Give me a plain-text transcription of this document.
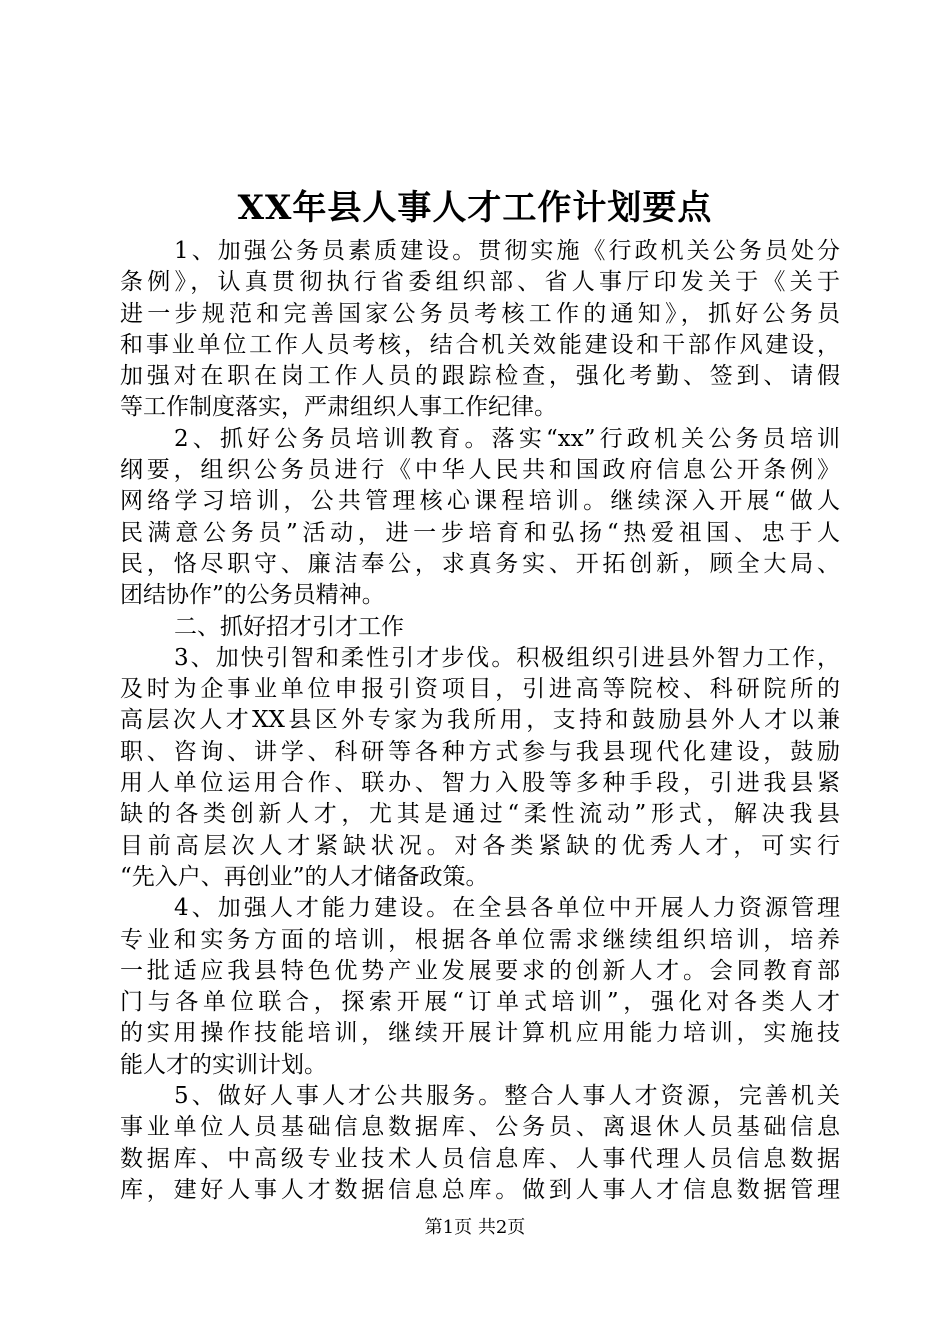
XX年县人事人才工作计划要点
1、加强公务员素质建设。贯彻实施《行政机关公务员处分
条例》，认真贯彻执行省委组织部、省人事厅印发关于《关于
进一步规范和完善国家公务员考核工作的通知》，抓好公务员
和事业单位工作人员考核，结合机关效能建设和干部作风建设，
加强对在职在岗工作人员的跟踪检查，强化考勤、签到、请假
等工作制度落实，严肃组织人事工作纪律。
2、抓好公务员培训教育。落实“xx”行政机关公务员培训
纲要，组织公务员进行《中华人民共和国政府信息公开条例》
网络学习培训，公共管理核心课程培训。继续深入开展“做人
民满意公务员”活动，进一步培育和弘扬“热爱祖国、忠于人
民，恪尽职守、廉洁奉公，求真务实、开拓创新，顾全大局、
团结协作”的公务员精神。
二、抓好招才引才工作
3、加快引智和柔性引才步伐。积极组织引进县外智力工作，
及时为企事业单位申报引资项目，引进高等院校、科研院所的
高层次人才XX县区外专家为我所用，支持和鼓励县外人才以兼
职、咨询、讲学、科研等各种方式参与我县现代化建设，鼓励
用人单位运用合作、联办、智力入股等多种手段，引进我县紧
缺的各类创新人才，尤其是通过“柔性流动”形式，解决我县
目前高层次人才紧缺状况。对各类紧缺的优秀人才，可实行
“先入户、再创业”的人才储备政策。
4、加强人才能力建设。在全县各单位中开展人力资源管理
专业和实务方面的培训，根据各单位需求继续组织培训，培养
一批适应我县特色优势产业发展要求的创新人才。会同教育部
门与各单位联合，探索开展“订单式培训”，强化对各类人才
的实用操作技能培训，继续开展计算机应用能力培训，实施技
能人才的实训计划。
5、做好人事人才公共服务。整合人事人才资源，完善机关
事业单位人员基础信息数据库、公务员、离退休人员基础信息
数据库、中高级专业技术人员信息库、人事代理人员信息数据
库，建好人事人才数据信息总库。做到人事人才信息数据管理
第1页 共2页
